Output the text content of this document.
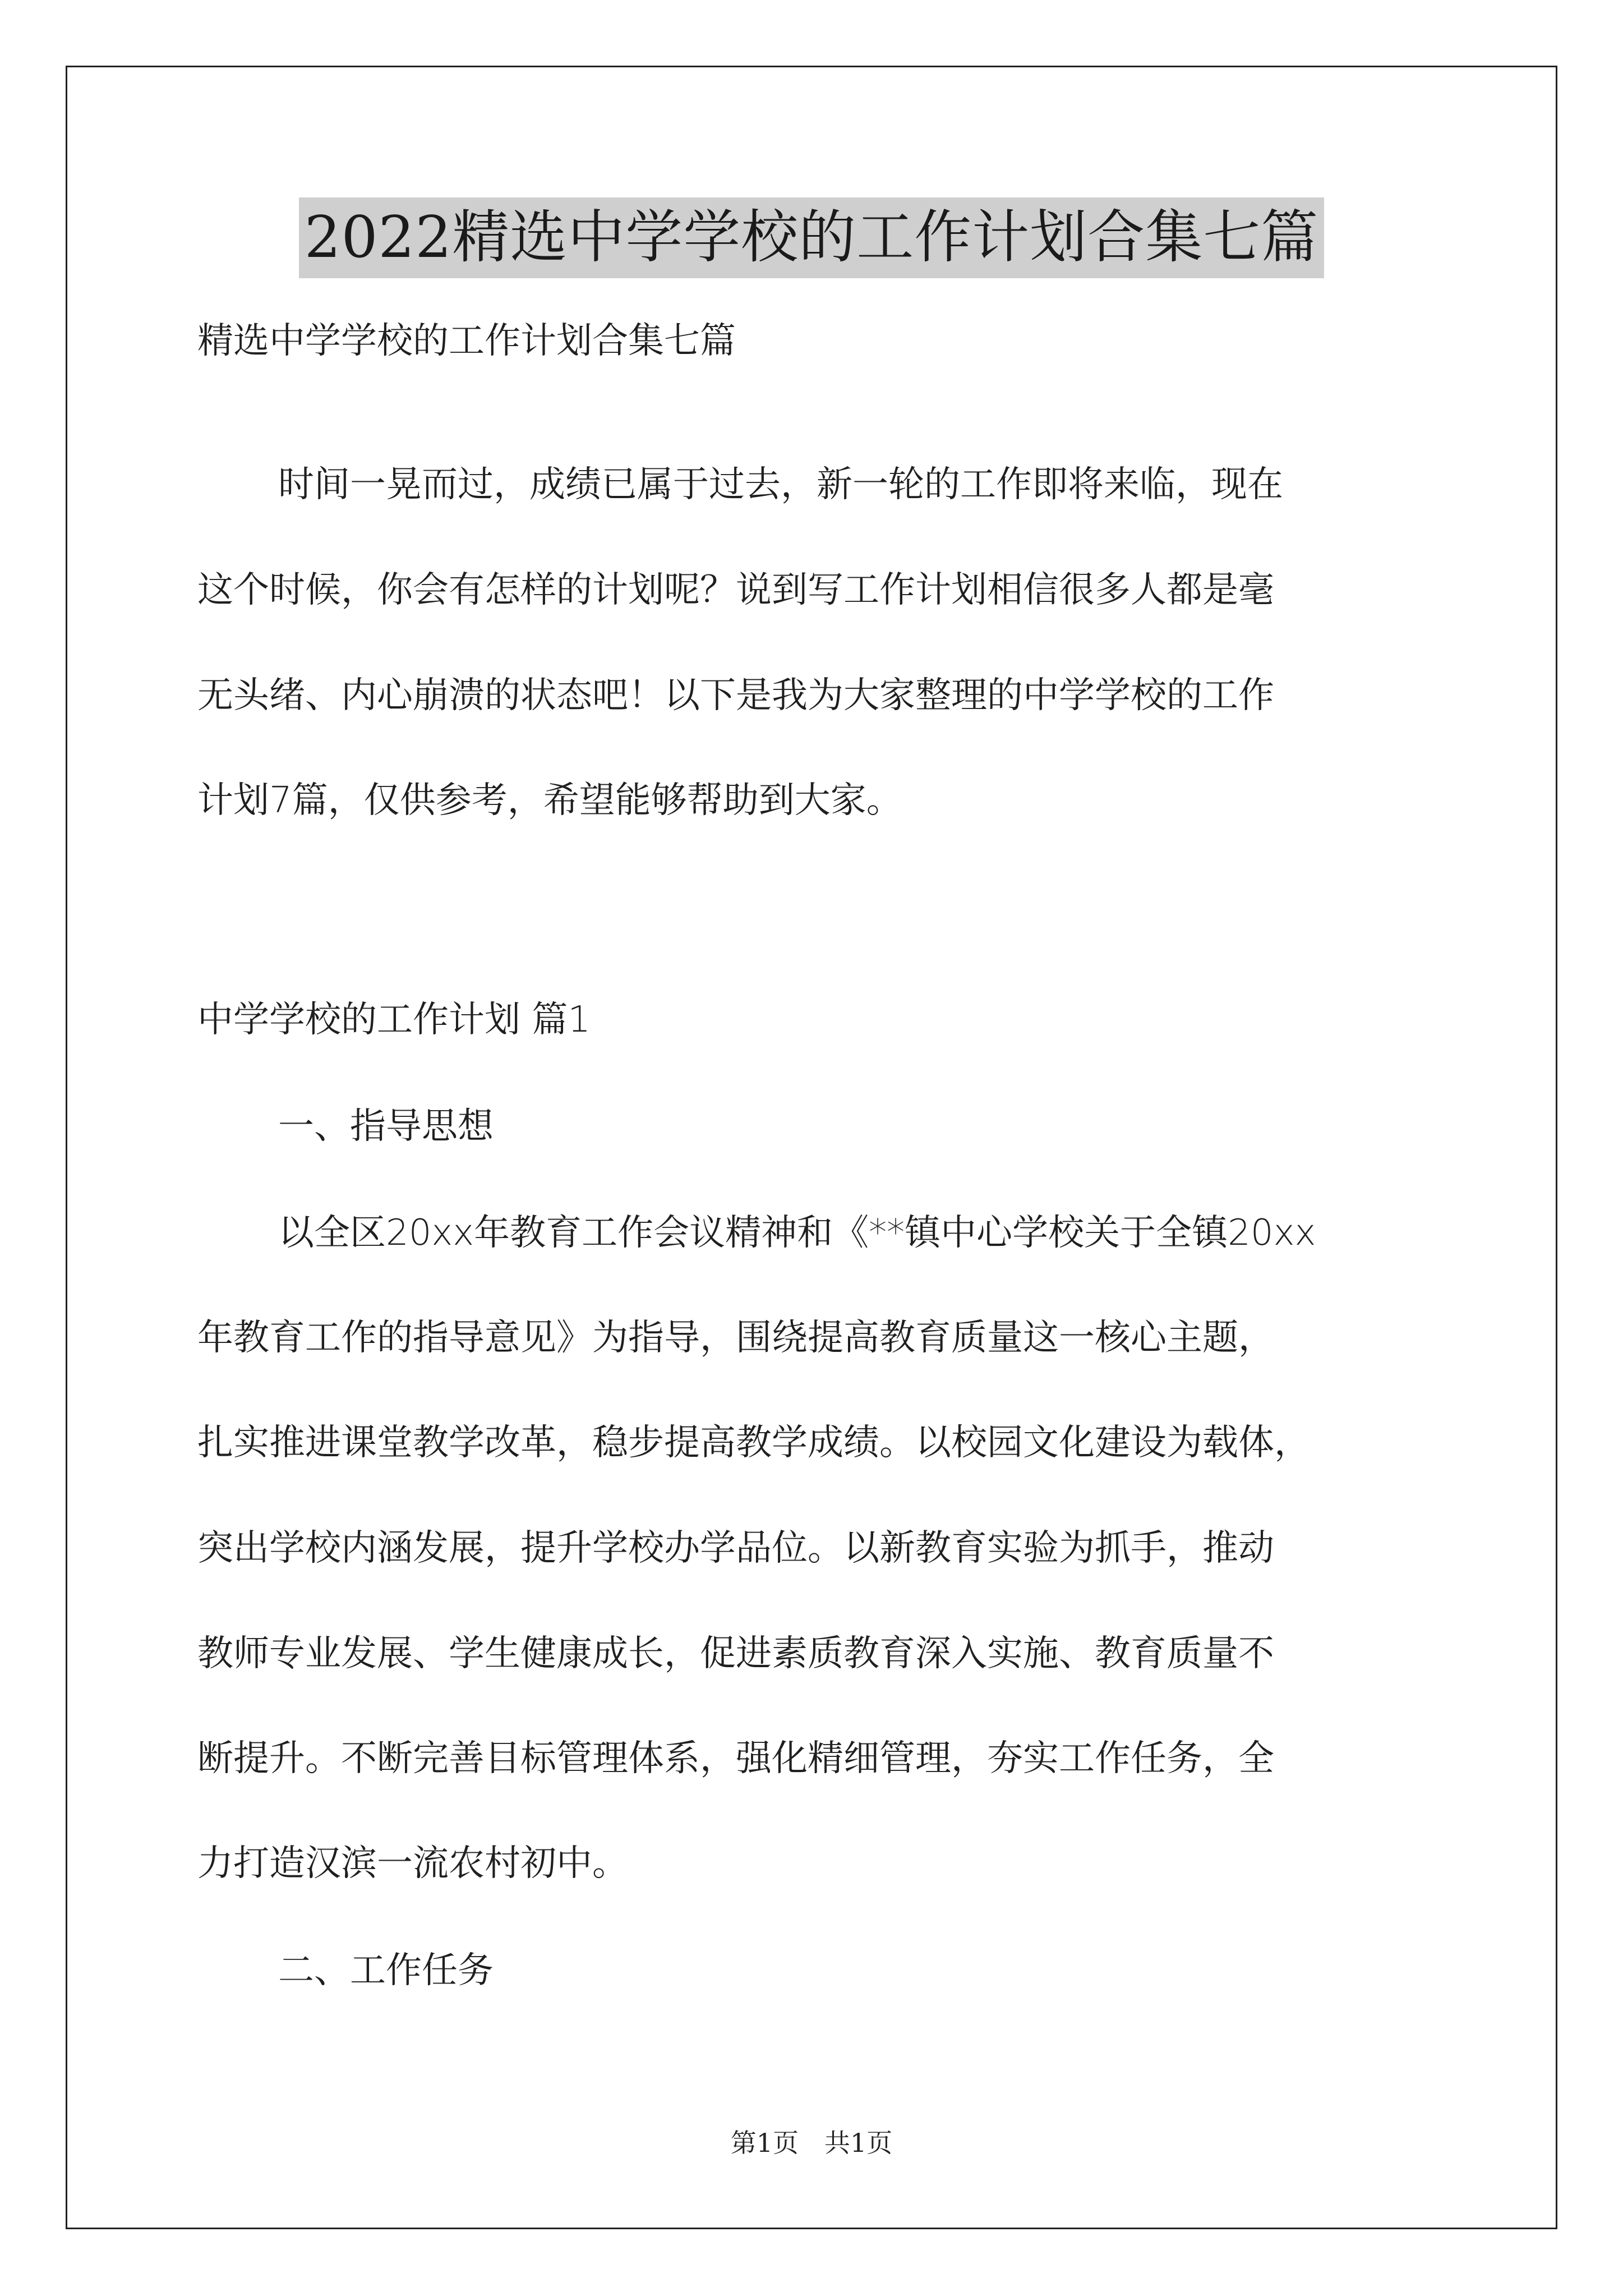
2022精选中学学校的工作计划合集七篇
精选中学学校的工作计划合集七篇
时间一晃而过，成绩已属于过去，新一轮的工作即将来临，现在
这个时候，你会有怎样的计划呢？说到写工作计划相信很多人都是毫
无头绪、内心崩溃的状态吧！以下是我为大家整理的中学学校的工作
计划7篇，仅供参考，希望能够帮助到大家。
中学学校的工作计划 篇1
一、指导思想
以全区20xx年教育工作会议精神和《**镇中心学校关于全镇20xx
年教育工作的指导意见》为指导，围绕提高教育质量这一核心主题，
扎实推进课堂教学改革，稳步提高教学成绩。以校园文化建设为载体，
突出学校内涵发展，提升学校办学品位。以新教育实验为抓手，推动
教师专业发展、学生健康成长，促进素质教育深入实施、教育质量不
断提升。不断完善目标管理体系，强化精细管理，夯实工作任务，全
力打造汉滨一流农村初中。
二、工作任务
第1页　共1页
